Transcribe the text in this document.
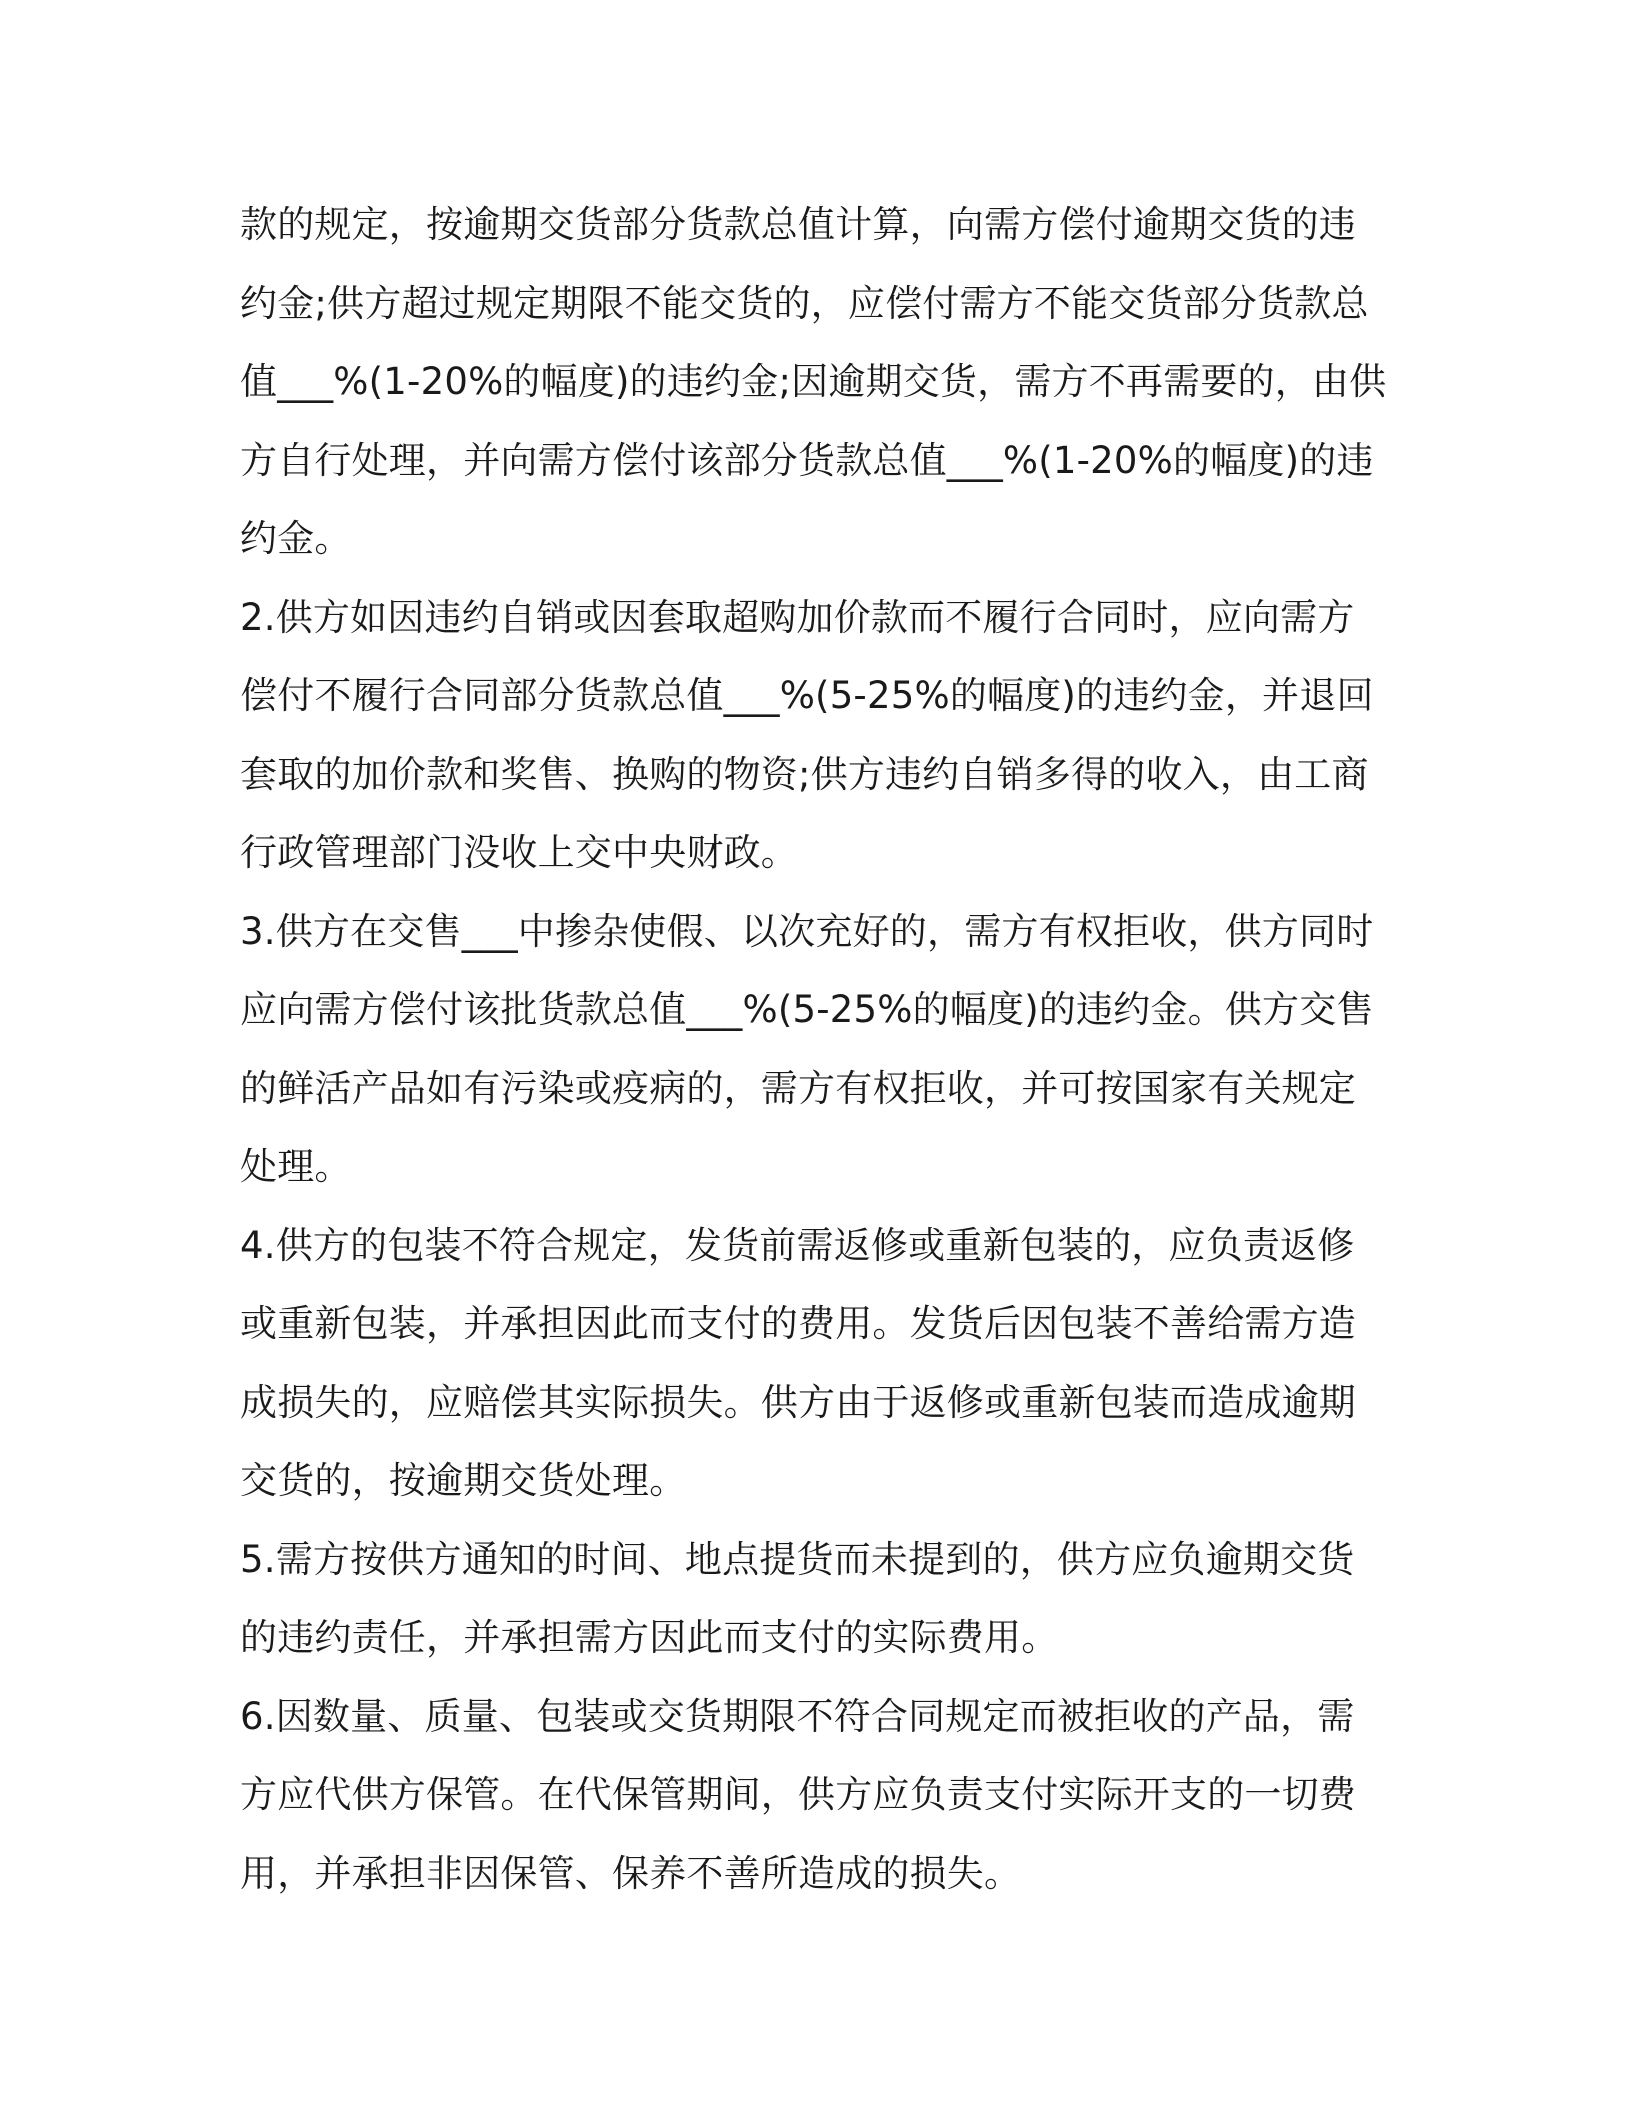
款的规定，按逾期交货部分货款总值计算，向需方偿付逾期交货的违
约金;供方超过规定期限不能交货的，应偿付需方不能交货部分货款总
值___%(1-20%的幅度)的违约金;因逾期交货，需方不再需要的，由供
方自行处理，并向需方偿付该部分货款总值___%(1-20%的幅度)的违
约金。
2.供方如因违约自销或因套取超购加价款而不履行合同时，应向需方
偿付不履行合同部分货款总值___%(5-25%的幅度)的违约金，并退回
套取的加价款和奖售、换购的物资;供方违约自销多得的收入，由工商
行政管理部门没收上交中央财政。
3.供方在交售___中掺杂使假、以次充好的，需方有权拒收，供方同时
应向需方偿付该批货款总值___%(5-25%的幅度)的违约金。供方交售
的鲜活产品如有污染或疫病的，需方有权拒收，并可按国家有关规定
处理。
4.供方的包装不符合规定，发货前需返修或重新包装的，应负责返修
或重新包装，并承担因此而支付的费用。发货后因包装不善给需方造
成损失的，应赔偿其实际损失。供方由于返修或重新包装而造成逾期
交货的，按逾期交货处理。
5.需方按供方通知的时间、地点提货而未提到的，供方应负逾期交货
的违约责任，并承担需方因此而支付的实际费用。
6.因数量、质量、包装或交货期限不符合同规定而被拒收的产品，需
方应代供方保管。在代保管期间，供方应负责支付实际开支的一切费
用，并承担非因保管、保养不善所造成的损失。
